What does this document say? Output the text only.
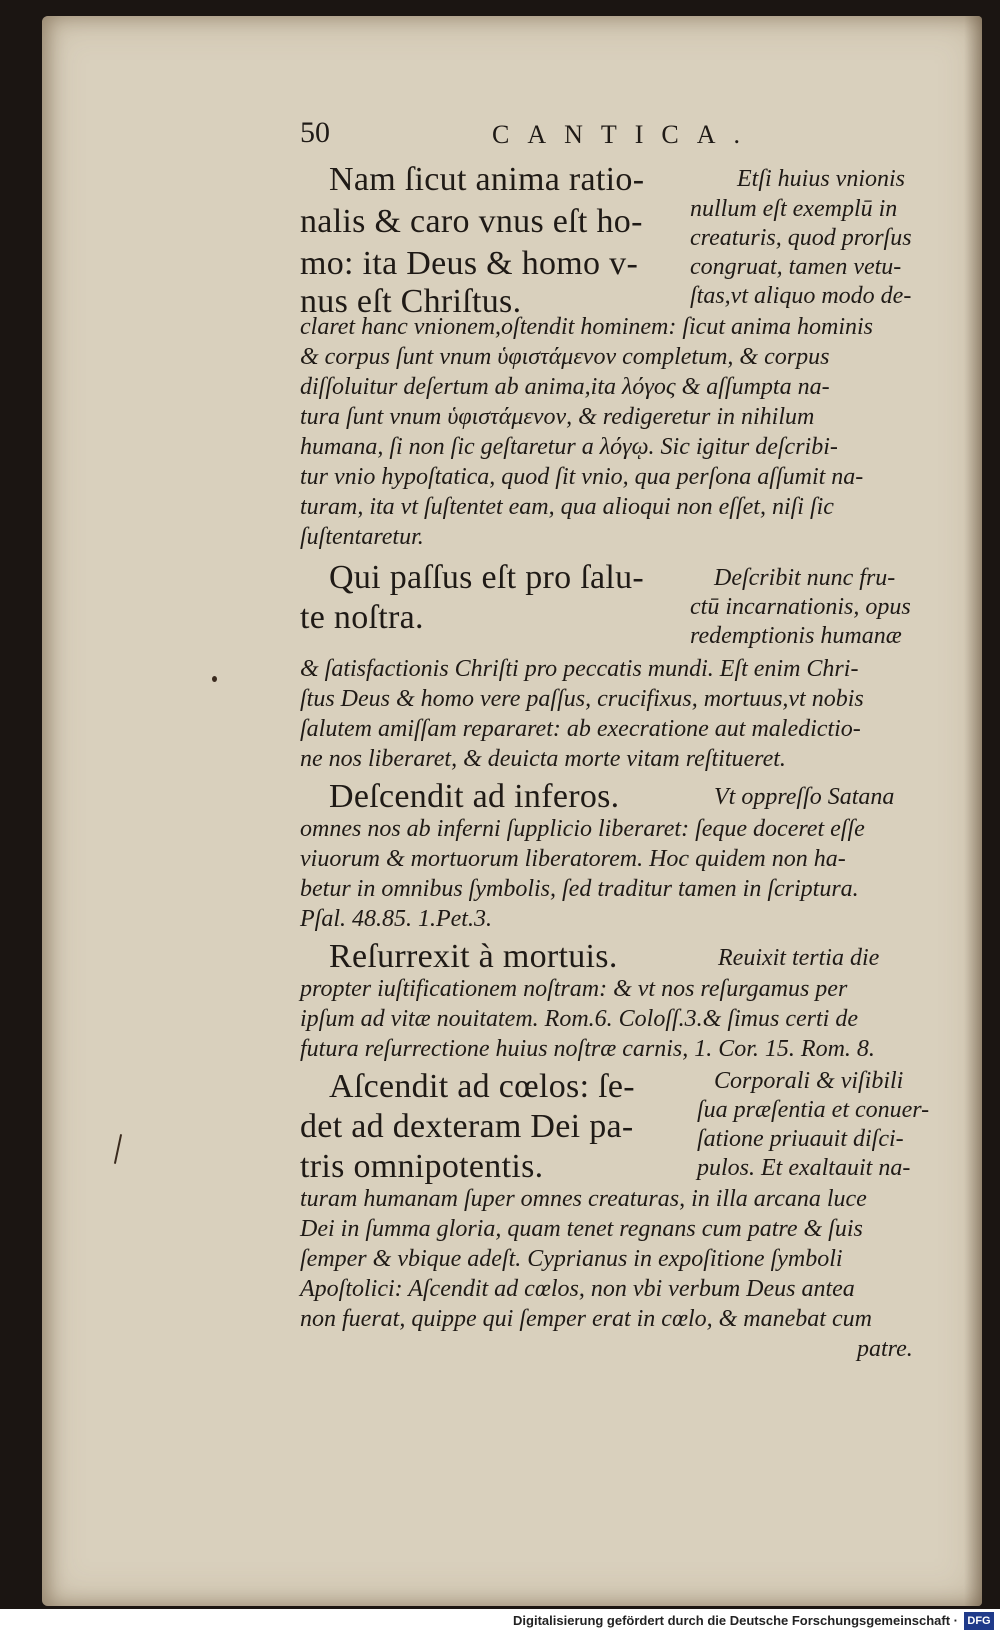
50	CANTICA.

Nam ſicut anima ratio-	Etſi huius vnionis

nalis & caro vnus eſt ho- nullum eſt exemplū in

creaturis, quod prorſus

mo: ita Deus & homo v- congruat, tamen vetu-

nus eſt Chriſtus.	ſtas,vt aliquo modo de-

claret hanc vnionem,oſtendit hominem: ſicut anima hominis

& corpus ſunt vnum ὑφιστάμενον completum, & corpus

diſſoluitur deſertum ab anima,ita λόγος & aſſumpta na-

tura ſunt vnum ὑφιστάμενον, & redigeretur in nihilum

humana, ſi non ſic geſtaretur a λόγῳ. Sic igitur deſcribi-

tur vnio hypoſtatica, quod ſit vnio, qua perſona aſſumit na-

turam, ita vt ſuſtentet eam, qua alioqui non eſſet, niſi ſic

ſuſtentaretur.

Qui paſſus eſt pro ſalu-	Deſcribit nunc fru-

ctū incarnationis, opus

te noſtra.	redemptionis humanæ

& ſatisfactionis Chriſti pro peccatis mundi. Eſt enim Chri-

ſtus Deus & homo vere paſſus, crucifixus, mortuus,vt nobis

ſalutem amiſſam repararet: ab execratione aut maledictio-

ne nos liberaret, & deuicta morte vitam reſtitueret.

Deſcendit ad inferos.	Vt oppreſſo Satana

omnes nos ab inferni ſupplicio liberaret: ſeque doceret eſſe

viuorum & mortuorum liberatorem. Hoc quidem non ha-

betur in omnibus ſymbolis, ſed traditur tamen in ſcriptura.

Pſal. 48.85. 1.Pet.3.

Reſurrexit à mortuis.	Reuixit tertia die

propter iuſtificationem noſtram: & vt nos reſurgamus per

ipſum ad vitæ nouitatem. Rom.6. Coloſſ.3.& ſimus certi de

futura reſurrectione huius noſtræ carnis, 1. Cor. 15. Rom. 8.

Aſcendit ad cœlos: ſe-	Corporali & viſibili

det ad dexteram Dei pa-	ſua præſentia et conuer-

ſatione priuauit diſci-

tris omnipotentis.	pulos. Et exaltauit na-

turam humanam ſuper omnes creaturas, in illa arcana luce

Dei in ſumma gloria, quam tenet regnans cum patre & ſuis

ſemper & vbique adeſt. Cyprianus in expoſitione ſymboli

Apoſtolici: Aſcendit ad cœlos, non vbi verbum Deus antea

non fuerat, quippe qui ſemper erat in cœlo, & manebat cum

patre.

Digitalisierung gefördert durch die Deutsche Forschungsgemeinschaft · DFG
